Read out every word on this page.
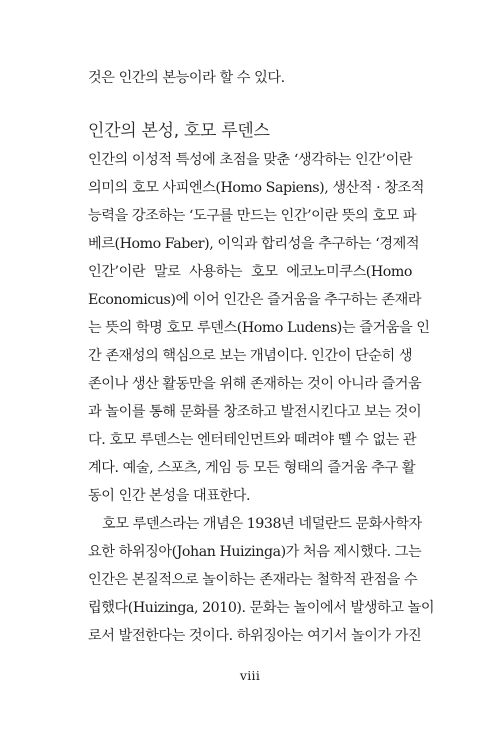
것은 인간의 본능이라 할 수 있다.
인간의 본성, 호모 루덴스
인간의 이성적 특성에 초점을 맞춘 ‘생각하는 인간’이란
의미의 호모 사피엔스(Homo Sapiens), 생산적 · 창조적
능력을 강조하는 ‘도구를 만드는 인간’이란 뜻의 호모 파
베르(Homo Faber), 이익과 합리성을 추구하는 ‘경제적
인간’이란 말로 사용하는 호모 에코노미쿠스(Homo
Economicus)에 이어 인간은 즐거움을 추구하는 존재라
는 뜻의 학명 호모 루덴스(Homo Ludens)는 즐거움을 인
간 존재성의 핵심으로 보는 개념이다. 인간이 단순히 생
존이나 생산 활동만을 위해 존재하는 것이 아니라 즐거움
과 놀이를 통해 문화를 창조하고 발전시킨다고 보는 것이
다. 호모 루덴스는 엔터테인먼트와 떼려야 뗄 수 없는 관
계다. 예술, 스포츠, 게임 등 모든 형태의 즐거움 추구 활
동이 인간 본성을 대표한다.
호모 루덴스라는 개념은 1938년 네덜란드 문화사학자
요한 하위징아(Johan Huizinga)가 처음 제시했다. 그는
인간은 본질적으로 놀이하는 존재라는 철학적 관점을 수
립했다(Huizinga, 2010). 문화는 놀이에서 발생하고 놀이
로서 발전한다는 것이다. 하위징아는 여기서 놀이가 가진
viii
